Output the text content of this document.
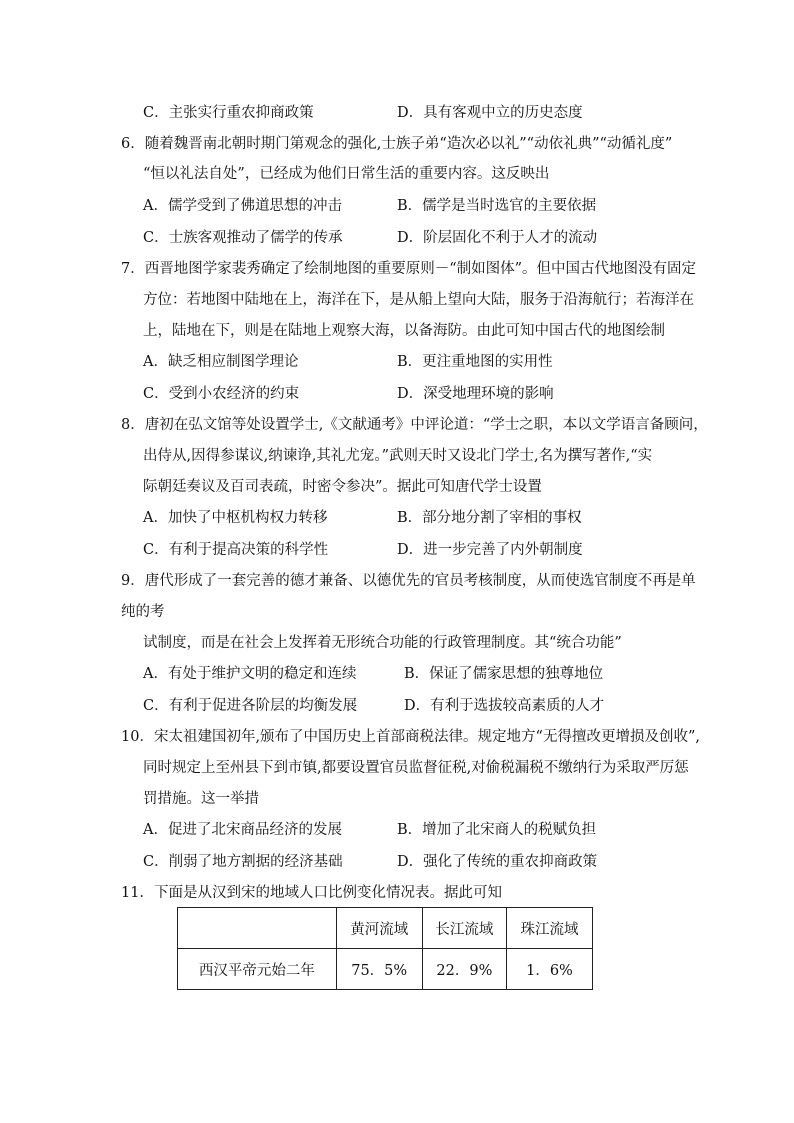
C．主张实行重农抑商政策	D．具有客观中立的历史态度
6．随着魏晋南北朝时期门第观念的强化,士族子弟“造次必以礼”“动依礼典”“动循礼度”
“恒以礼法自处”，已经成为他们日常生活的重要内容。这反映出
A．儒学受到了佛道思想的冲击	B．儒学是当时选官的主要依据
C．士族客观推动了儒学的传承	D．阶层固化不利于人才的流动
7．西晋地图学家裴秀确定了绘制地图的重要原则－“制如图体”。但中国古代地图没有固定
方位：若地图中陆地在上，海洋在下，是从船上望向大陆，服务于沿海航行；若海洋在
上，陆地在下，则是在陆地上观察大海，以备海防。由此可知中国古代的地图绘制
A．缺乏相应制图学理论	B．更注重地图的实用性
C．受到小农经济的约束	D．深受地理环境的影响
8．唐初在弘文馆等处设置学士,《文献通考》中评论道：“学士之职，本以文学语言备顾问，
出侍从,因得参谋议,纳谏诤,其礼尤宠。”武则天时又设北门学士,名为撰写著作,“实
际朝廷奏议及百司表疏，时密令参决”。据此可知唐代学士设置
A．加快了中枢机构权力转移	B．部分地分割了宰相的事权
C．有利于提高决策的科学性	D．进一步完善了内外朝制度
9．唐代形成了一套完善的德才兼备、以德优先的官员考核制度，从而使选官制度不再是单
纯的考
试制度，而是在社会上发挥着无形统合功能的行政管理制度。其“统合功能”
A．有处于维护文明的稳定和连续	B．保证了儒家思想的独尊地位
C．有利于促进各阶层的均衡发展	D．有利于选拔较高素质的人才
10．宋太祖建国初年,颁布了中国历史上首部商税法律。规定地方“无得擅改更增损及创收”,
同时规定上至州县下到市镇,都要设置官员监督征税,对偷税漏税不缴纳行为采取严厉惩
罚措施。这一举措
A．促进了北宋商品经济的发展	B．增加了北宋商人的税赋负担
C．削弱了地方割据的经济基础	D．强化了传统的重农抑商政策
11．下面是从汉到宋的地域人口比例变化情况表。据此可知
	黄河流域	长江流域	珠江流域
西汉平帝元始二年	75．5%	22．9%	1．6%
